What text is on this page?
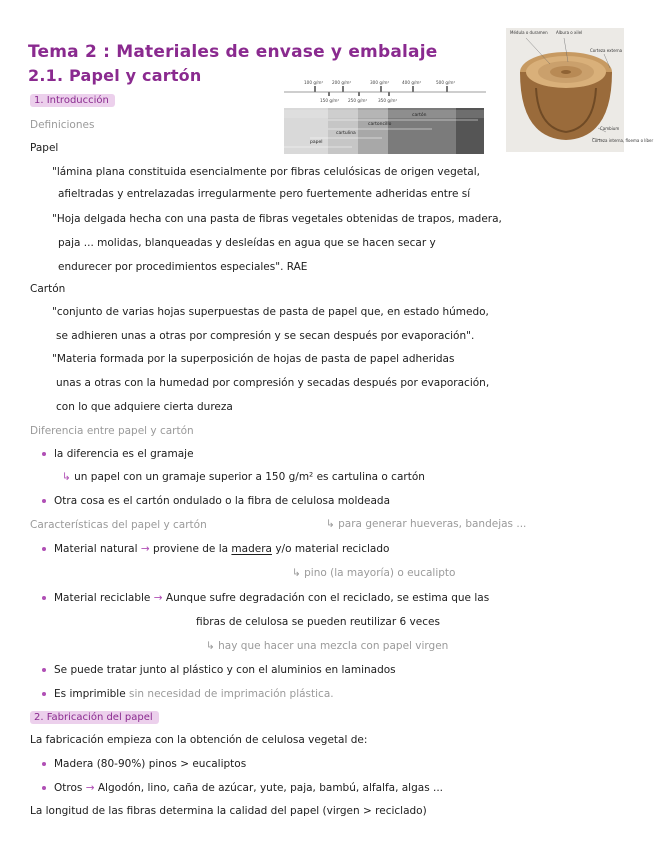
Tema 2 : Materiales de envase y embalaje
2.1. Papel y cartón	100 g/m² 200 g/m²	300 g/m²	400 g/m²	500 g/m²
150 g/m² 250 g/m²	350 g/m²
cartón
cartoncillo
cartulina
papel
Médula o duramen Albura o xilel
Corteza externa
Cambium
Corteza interna, floema o líber
1. Introducción
Definiciones
Papel
"lámina plana constituida esencialmente por fibras celulósicas de origen vegetal,
afieltradas y entrelazadas irregularmente pero fuertemente adheridas entre sí
"Hoja delgada hecha con una pasta de fibras vegetales obtenidas de trapos, madera,
paja ... molidas, blanqueadas y desleídas en agua que se hacen secar y
endurecer por procedimientos especiales". RAE
Cartón
"conjunto de varias hojas superpuestas de pasta de papel que, en estado húmedo,
se adhieren unas a otras por compresión y se secan después por evaporación".
"Materia formada por la superposición de hojas de pasta de papel adheridas
unas a otras con la humedad por compresión y secadas después por evaporación,
con lo que adquiere cierta dureza
Diferencia entre papel y cartón
la diferencia es el gramaje
↳ un papel con un gramaje superior a 150 g/m² es cartulina o cartón
Otra cosa es el cartón ondulado o la fibra de celulosa moldeada
Características del papel y cartón	↳ para generar hueveras, bandejas ...
Material natural → proviene de la madera y/o material reciclado
↳ pino (la mayoría) o eucalipto
Material reciclable → Aunque sufre degradación con el reciclado, se estima que las
fibras de celulosa se pueden reutilizar 6 veces
↳ hay que hacer una mezcla con papel virgen
Se puede tratar junto al plástico y con el aluminios en laminados
Es imprimible sin necesidad de imprimación plástica.
2. Fabricación del papel
La fabricación empieza con la obtención de celulosa vegetal de:
Madera (80-90%) pinos > eucaliptos
Otros → Algodón, lino, caña de azúcar, yute, paja, bambú, alfalfa, algas ...
La longitud de las fibras determina la calidad del papel (virgen > reciclado)
